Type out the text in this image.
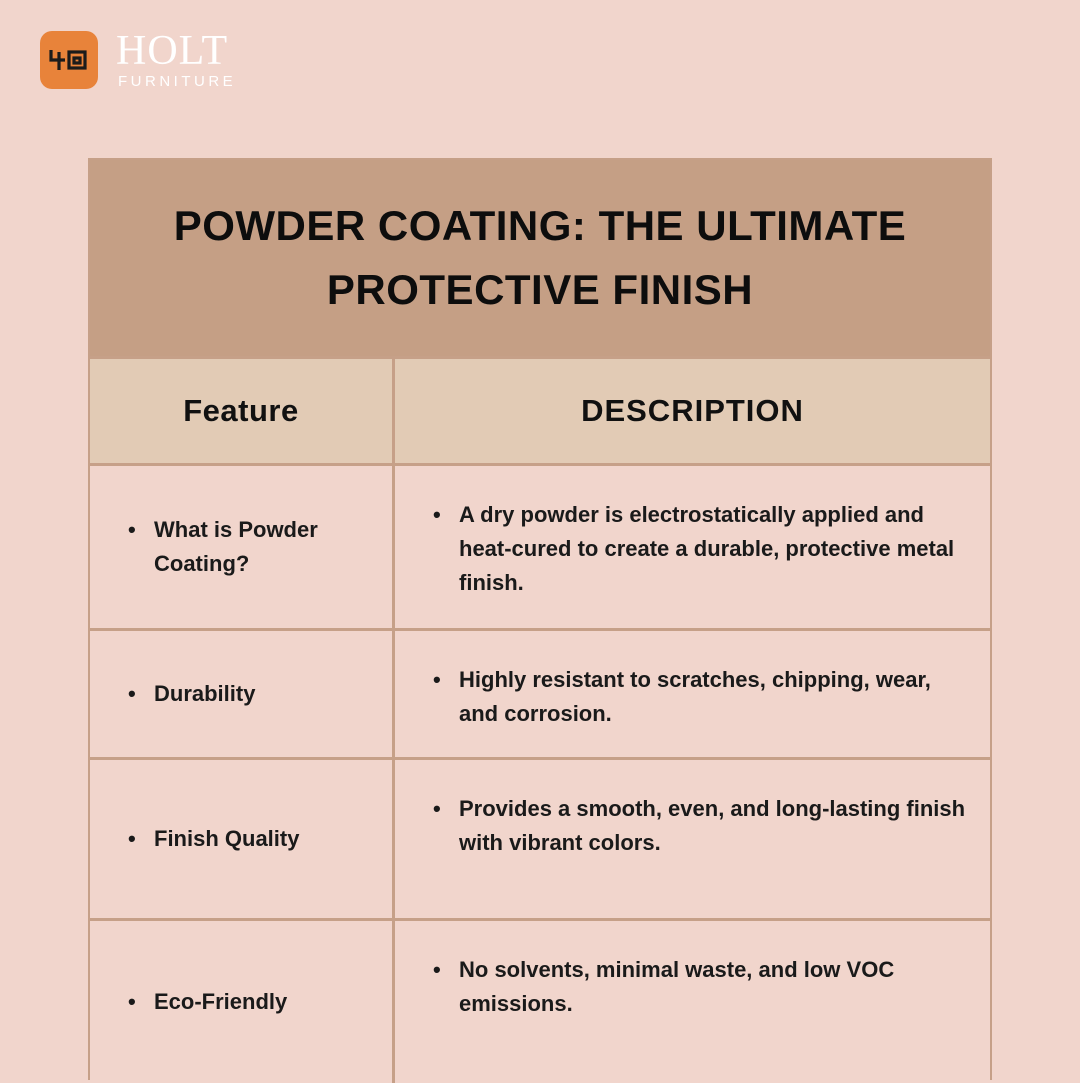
HOLT
FURNITURE
POWDER COATING: THE ULTIMATE PROTECTIVE FINISH
Feature	DESCRIPTION
• What is Powder Coating?
• A dry powder is electrostatically applied and heat-cured to create a durable, protective metal finish.
• Durability
• Highly resistant to scratches, chipping, wear, and corrosion.
• Finish Quality
• Provides a smooth, even, and long-lasting finish with vibrant colors.
• Eco-Friendly
• No solvents, minimal waste, and low VOC emissions.
